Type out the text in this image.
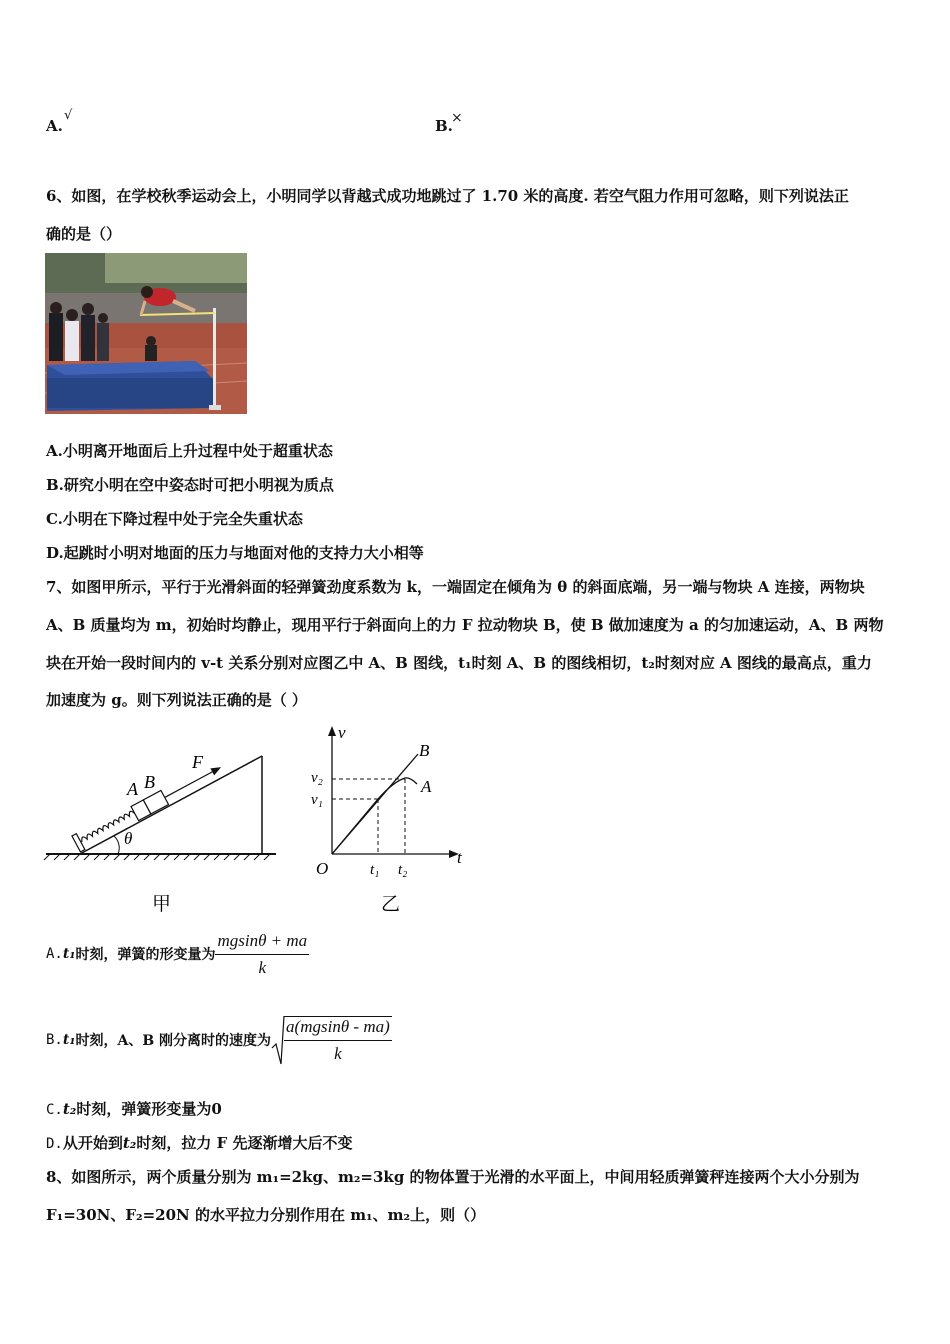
A.
√
B.
×
6、如图，在学校秋季运动会上，小明同学以背越式成功地跳过了 1.70 米的高度. 若空气阻力作用可忽略，则下列说法正
确的是（）
A.小明离开地面后上升过程中处于超重状态
B.研究小明在空中姿态时可把小明视为质点
C.小明在下降过程中处于完全失重状态
D.起跳时小明对地面的压力与地面对他的支持力大小相等
7、如图甲所示，平行于光滑斜面的轻弹簧劲度系数为 k，一端固定在倾角为 θ 的斜面底端，另一端与物块 A 连接，两物块
A、B 质量均为 m，初始时均静止，现用平行于斜面向上的力 F 拉动物块 B，使 B 做加速度为 a 的匀加速运动，A、B 两物
块在开始一段时间内的 v-t 关系分别对应图乙中 A、B 图线，t₁时刻 A、B 的图线相切，t₂时刻对应 A 图线的最高点，重力
加速度为 g。则下列说法正确的是（ ）
θ
A B
F
甲
v
t
O
v₁
v₂
t₁ t₂
B
A
乙
A. t₁ 时刻，弹簧的形变量为 $\frac{mgsin\theta + ma}{k}$
B. t₁ 时刻，A、B 刚分离时的速度为 $\frac{a(mgsin\theta - ma)}{k}$
C.t₂时刻，弹簧形变量为0
D.从开始到t₂时刻，拉力 F 先逐渐增大后不变
8、如图所示，两个质量分别为 m₁=2kg、m₂=3kg 的物体置于光滑的水平面上，中间用轻质弹簧秤连接两个大小分别为
F₁=30N、F₂=20N 的水平拉力分别作用在 m₁、m₂上，则（）
